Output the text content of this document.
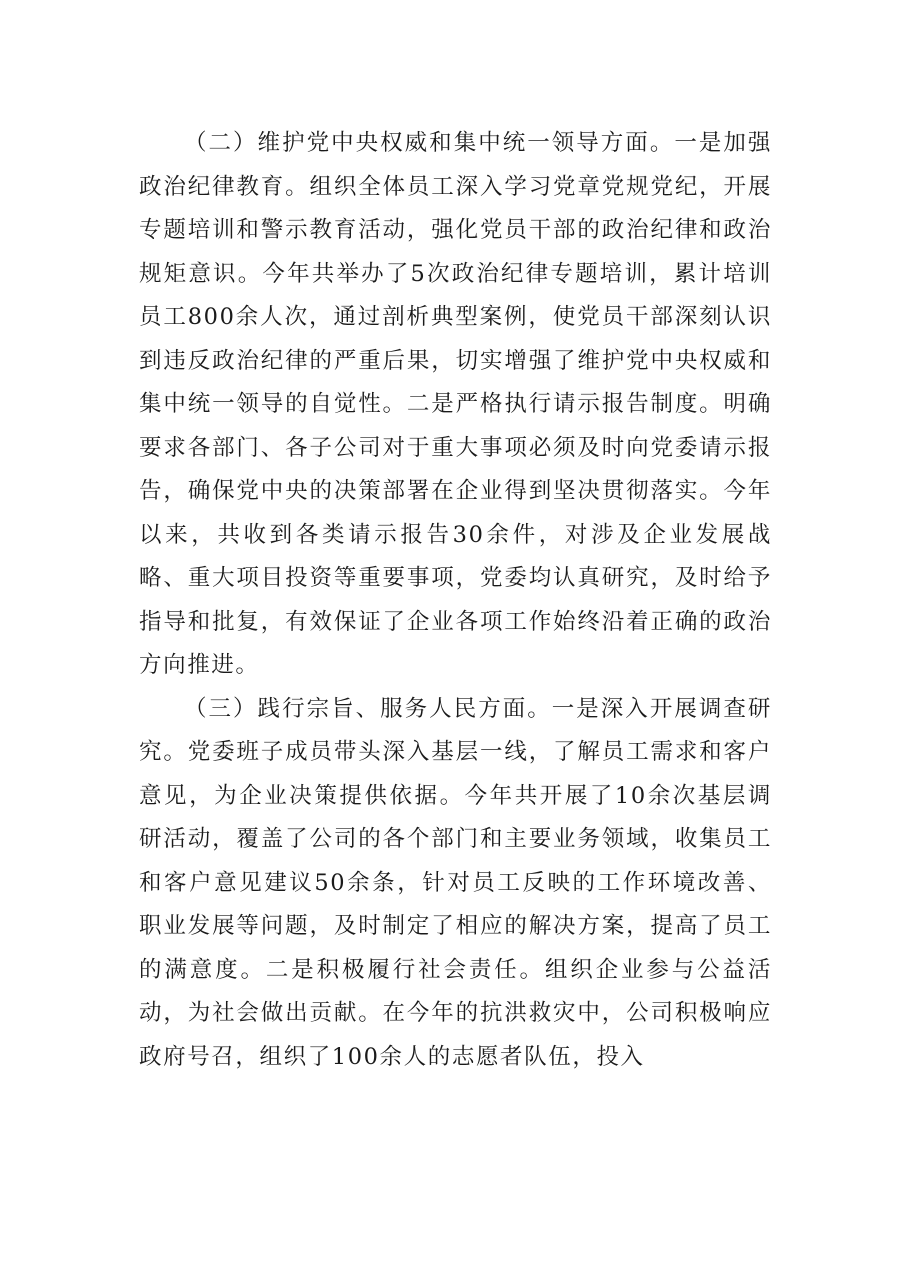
（二）维护党中央权威和集中统一领导方面。一是加强政治纪律教育。组织全体员工深入学习党章党规党纪，开展专题培训和警示教育活动，强化党员干部的政治纪律和政治规矩意识。今年共举办了5次政治纪律专题培训，累计培训员工800余人次，通过剖析典型案例，使党员干部深刻认识到违反政治纪律的严重后果，切实增强了维护党中央权威和集中统一领导的自觉性。二是严格执行请示报告制度。明确要求各部门、各子公司对于重大事项必须及时向党委请示报告，确保党中央的决策部署在企业得到坚决贯彻落实。今年以来，共收到各类请示报告30余件，对涉及企业发展战略、重大项目投资等重要事项，党委均认真研究，及时给予指导和批复，有效保证了企业各项工作始终沿着正确的政治方向推进。

（三）践行宗旨、服务人民方面。一是深入开展调查研究。党委班子成员带头深入基层一线，了解员工需求和客户意见，为企业决策提供依据。今年共开展了10余次基层调研活动，覆盖了公司的各个部门和主要业务领域，收集员工和客户意见建议50余条，针对员工反映的工作环境改善、职业发展等问题，及时制定了相应的解决方案，提高了员工的满意度。二是积极履行社会责任。组织企业参与公益活动，为社会做出贡献。在今年的抗洪救灾中，公司积极响应政府号召，组织了100余人的志愿者队伍，投入
